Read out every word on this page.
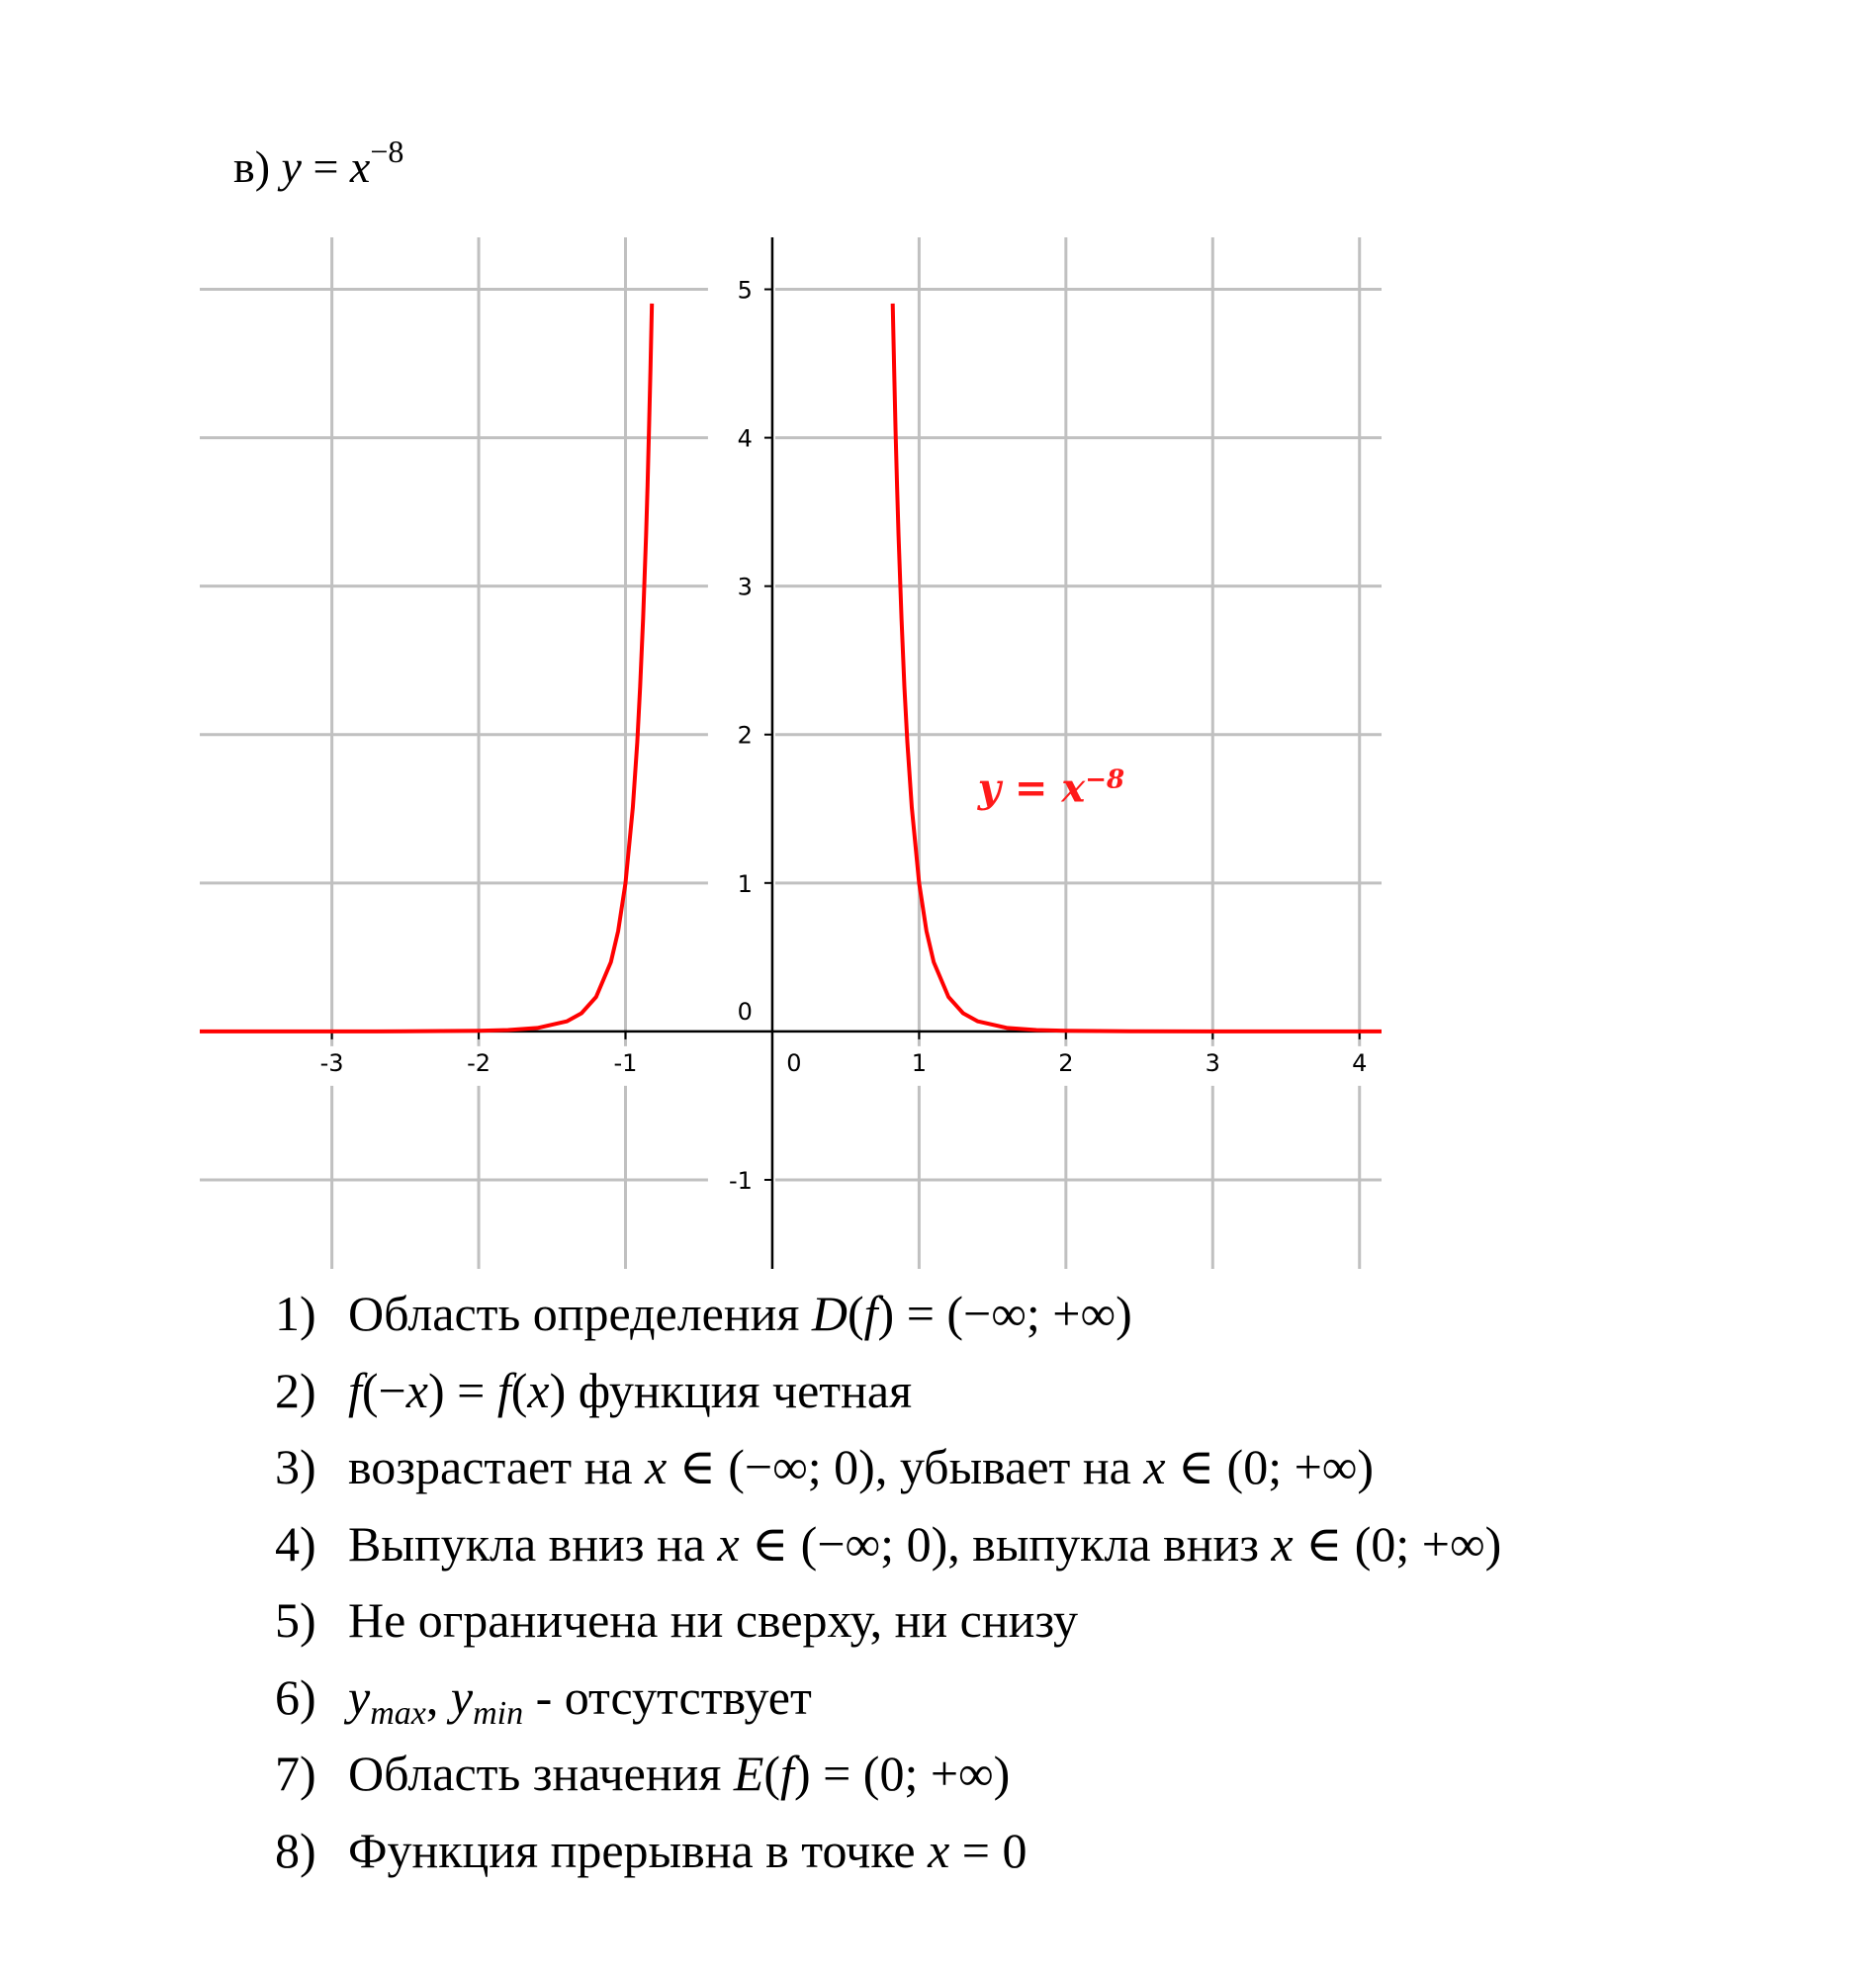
в) $y = x^{-8}$
-3	-2	-1	0	1	2	3	4
-1
0
1
2
3
4
5
$y = x^{-8}$
1) Область определения D(f) = (−∞; +∞)
2) f(−x) = f(x) функция четная
3) возрастает на x ∈ (−∞; 0), убывает на x ∈ (0; +∞)
4) Выпукла вниз на x ∈ (−∞; 0), выпукла вниз x ∈ (0; +∞)
5) Не ограничена ни сверху, ни снизу
6) $y_{max}$, $y_{min}$ - отсутствует
7) Область значения E(f) = (0; +∞)
8) Функция прерывна в точке x = 0
